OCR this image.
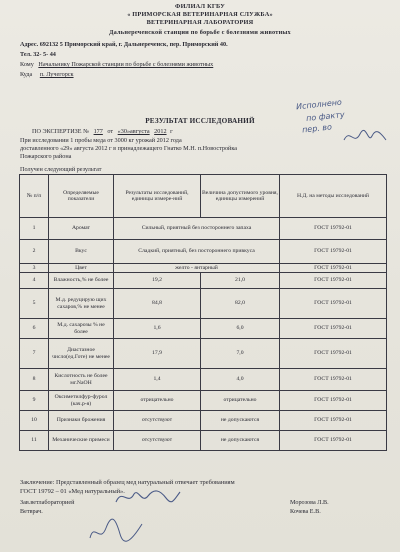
ФИЛИАЛ КГБУ
« ПРИМОРСКАЯ ВЕТЕРИНАРНАЯ СЛУЖБА»
ВЕТЕРИНАРНАЯ ЛАБОРАТОРИЯ
Дальнереченской станции по борьбе с болезнями животных
Адрес. 692132 5 Приморский край, г. Дальнереченск, пер. Приморский 40.
Тел. 32- 5- 44
Кому Начальнику Пожарской станции по борьбе с болезнями животных
Куда п. Лучегорск
Исполнено
по факту
пер. во
РЕЗУЛЬТАТ ИССЛЕДОВАНИЙ
ПО ЭКСПЕРТИЗЕ № 177 от «30»августа 2012 г
При исследовании 1 пробы меда от 3000 кг урожай 2012 года
доставленного «29» августа 2012 г в принадлежащего Гнатко М.Н. п.Новостройка
Пожарского района
Получен следующий результат
№ п/п	Определяемые показатели	Результаты исследований, единицы измере-ний	Величина допустимого уровня, единицы измерений	Н.Д. на методы исследований
1	Аромат	Сильный, приятный без постороннего запаха		ГОСТ 19792-01
2	Вкус	Сладкий, приятный, без постороннего привкуса		ГОСТ 19792-01
3	Цвет	желто - янтарный		ГОСТ 19792-01
4	Влажность,% не более	19,2	21,0	ГОСТ 19792-01
5	М.д. редуцирую щих сахаров,% не менее	84,8	82,0	ГОСТ 19792-01
6	М.д. сахарозы % не более	1,6	6,0	ГОСТ 19792-01
7	Диастазное число(ед.Готе) не менее	17,9	7,0	ГОСТ 19792-01
8	Кислотность не более мг.NaOH	1,4	4,0	ГОСТ 19792-01
9	Оксиметилфур-фурол (кач.р-я)	отрицательно	отрицательно	ГОСТ 19792-01
10	Признаки брожения	отсутствуют	не допускаются	ГОСТ 19792-01
11	Механические примеси	отсутствуют	не допускаются	ГОСТ 19792-01
Заключение: Представленный образец мед натуральный отвечает требованиям
ГОСТ 19792 – 01 «Мед натуральный».
Зав.ветлабораторией
Ветврач.
Морозова Л.В.
Кочева Е.В.
